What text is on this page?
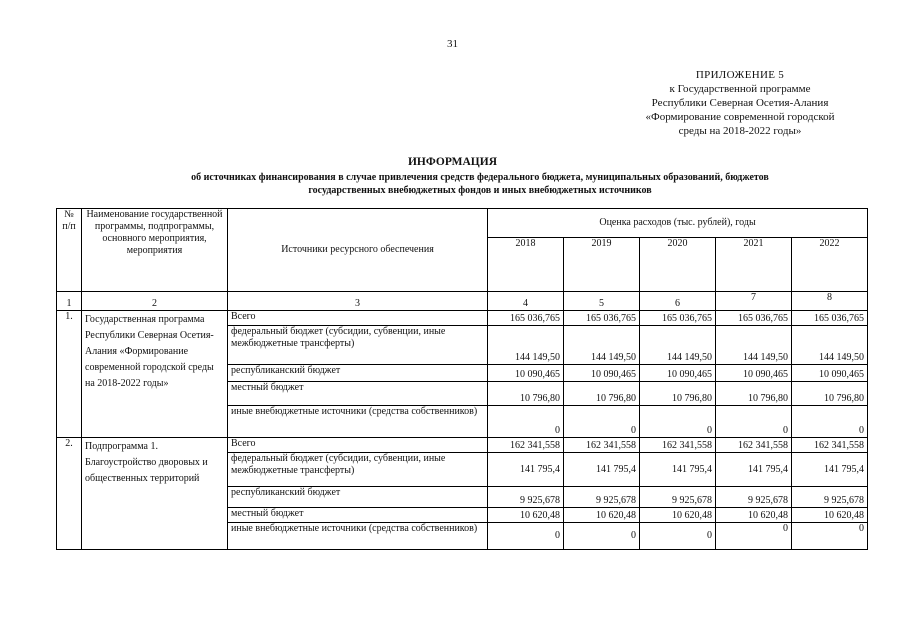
31
ПРИЛОЖЕНИЕ 5
к Государственной программе
Республики Северная Осетия-Алания
«Формирование современной городской
среды на 2018-2022 годы»
ИНФОРМАЦИЯ
об источниках финансирования в случае привлечения средств федерального бюджета, муниципальных образований, бюджетов
государственных внебюджетных фондов и иных внебюджетных источников
№ п/п	Наименование государственной программы, подпрограммы, основного мероприятия, мероприятия	Источники ресурсного обеспечения	Оценка расходов (тыс. рублей), годы				
			2018	2019	2020	2021	2022
1	2	3	4	5	6	7	8
1.	Государственная программа Республики Северная Осетия-Алания «Формирование современной городской среды на 2018-2022 годы»	Всего	165 036,765	165 036,765	165 036,765	165 036,765	165 036,765
		федеральный бюджет (субсидии, субвенции, иные межбюджетные трансферты)	144 149,50	144 149,50	144 149,50	144 149,50	144 149,50
		республиканский бюджет	10 090,465	10 090,465	10 090,465	10 090,465	10 090,465
		местный бюджет	10 796,80	10 796,80	10 796,80	10 796,80	10 796,80
		иные внебюджетные источники (средства собственников)	0	0	0	0	0
2.	Подпрограмма 1. Благоустройство дворовых и общественных территорий	Всего	162 341,558	162 341,558	162 341,558	162 341,558	162 341,558
		федеральный бюджет (субсидии, субвенции, иные межбюджетные трансферты)	141 795,4	141 795,4	141 795,4	141 795,4	141 795,4
		республиканский бюджет	9 925,678	9 925,678	9 925,678	9 925,678	9 925,678
		местный бюджет	10 620,48	10 620,48	10 620,48	10 620,48	10 620,48
		иные внебюджетные источники (средства собственников)	0	0	0	0	0
